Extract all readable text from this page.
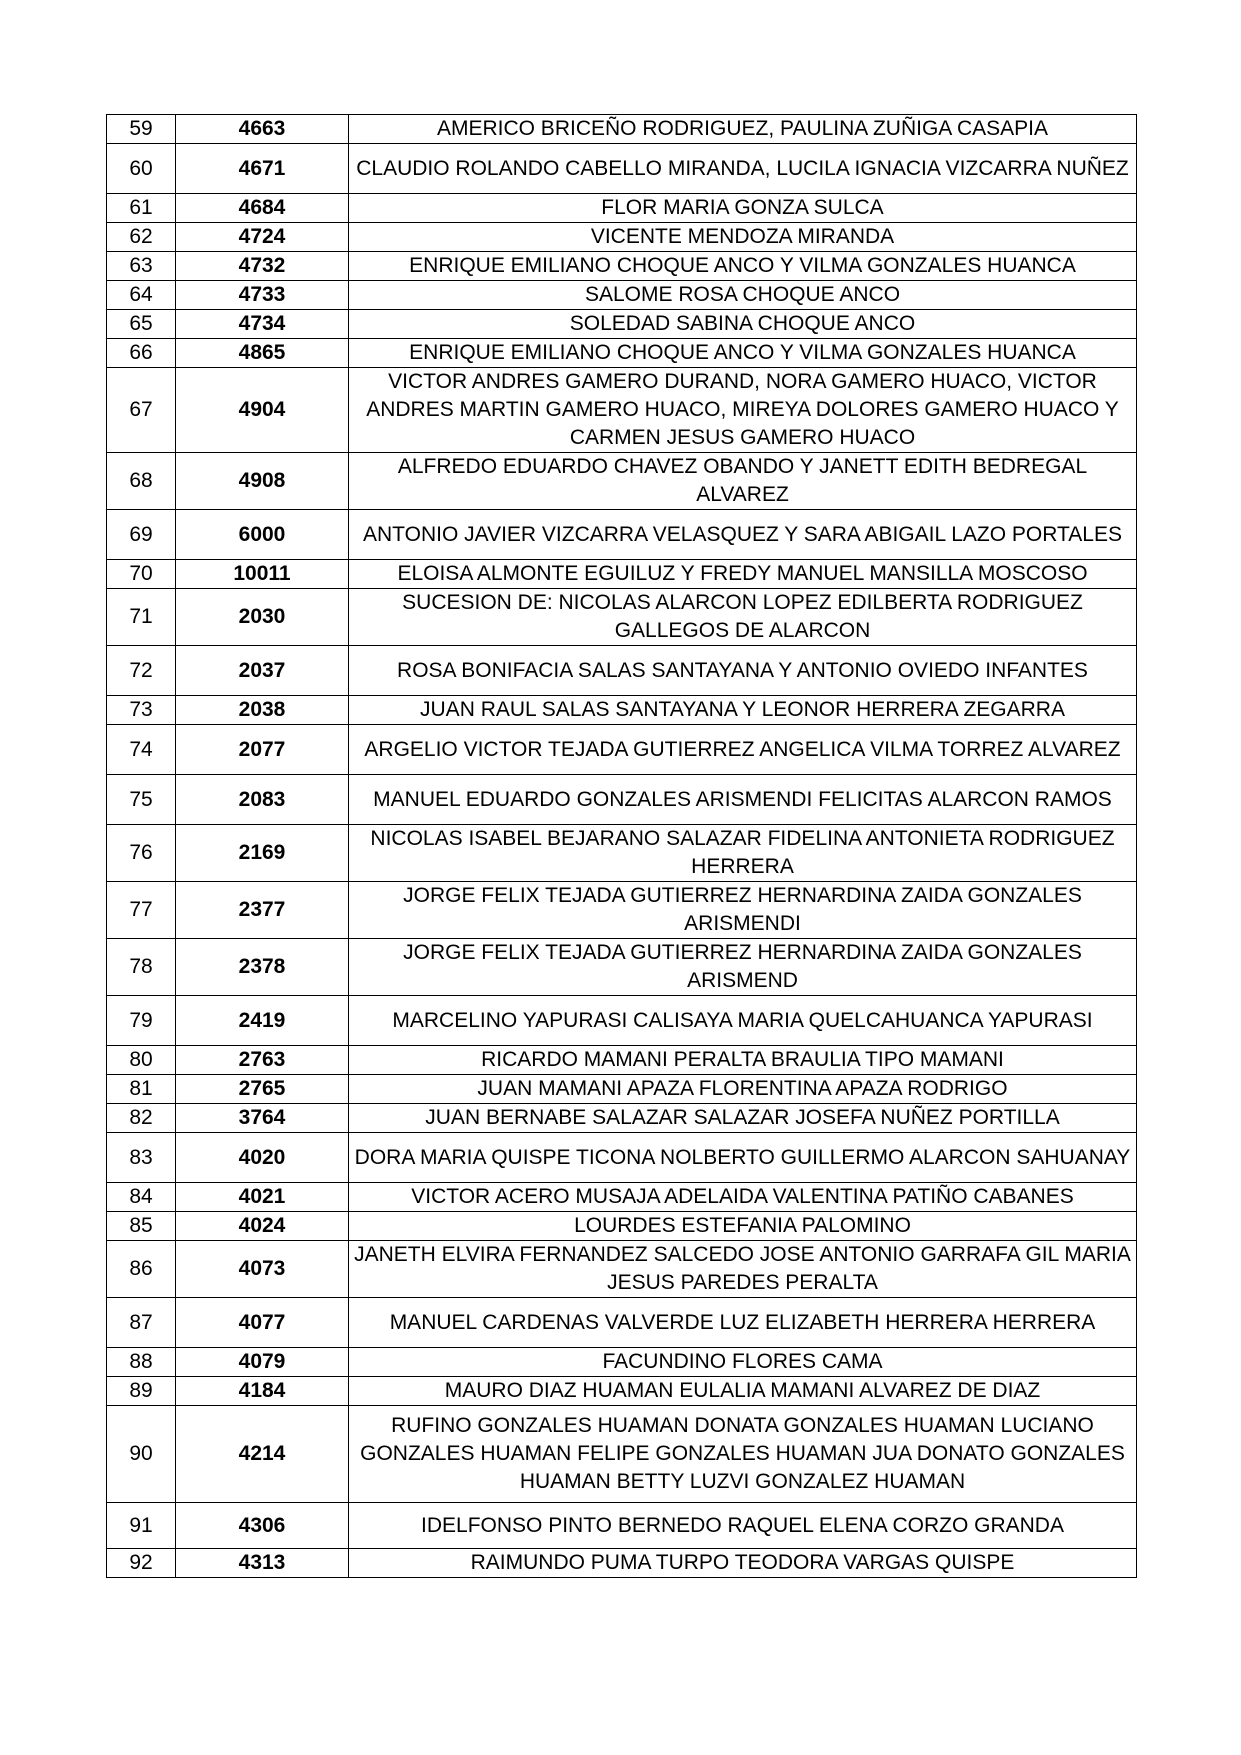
59	4663	AMERICO BRICEÑO RODRIGUEZ, PAULINA ZUÑIGA CASAPIA
60	4671	CLAUDIO ROLANDO CABELLO MIRANDA, LUCILA IGNACIA VIZCARRA NUÑEZ
61	4684	FLOR MARIA GONZA SULCA
62	4724	VICENTE MENDOZA MIRANDA
63	4732	ENRIQUE EMILIANO CHOQUE ANCO Y VILMA GONZALES HUANCA
64	4733	SALOME ROSA CHOQUE ANCO
65	4734	SOLEDAD SABINA CHOQUE ANCO
66	4865	ENRIQUE EMILIANO CHOQUE ANCO Y VILMA GONZALES HUANCA
67	4904	VICTOR ANDRES GAMERO DURAND, NORA GAMERO HUACO, VICTOR ANDRES MARTIN GAMERO HUACO, MIREYA DOLORES GAMERO HUACO Y CARMEN JESUS GAMERO HUACO
68	4908	ALFREDO EDUARDO CHAVEZ OBANDO Y JANETT EDITH BEDREGAL ALVAREZ
69	6000	ANTONIO JAVIER VIZCARRA VELASQUEZ Y SARA ABIGAIL LAZO PORTALES
70	10011	ELOISA ALMONTE EGUILUZ Y FREDY MANUEL MANSILLA MOSCOSO
71	2030	SUCESION DE: NICOLAS ALARCON LOPEZ EDILBERTA RODRIGUEZ GALLEGOS DE ALARCON
72	2037	ROSA BONIFACIA SALAS SANTAYANA Y ANTONIO OVIEDO INFANTES
73	2038	JUAN RAUL SALAS SANTAYANA Y LEONOR HERRERA ZEGARRA
74	2077	ARGELIO VICTOR TEJADA GUTIERREZ ANGELICA VILMA TORREZ ALVAREZ
75	2083	MANUEL EDUARDO GONZALES ARISMENDI FELICITAS ALARCON RAMOS
76	2169	NICOLAS ISABEL BEJARANO SALAZAR FIDELINA ANTONIETA RODRIGUEZ HERRERA
77	2377	JORGE FELIX TEJADA GUTIERREZ HERNARDINA ZAIDA GONZALES ARISMENDI
78	2378	JORGE FELIX TEJADA GUTIERREZ HERNARDINA ZAIDA GONZALES ARISMEND
79	2419	MARCELINO YAPURASI CALISAYA MARIA QUELCAHUANCA YAPURASI
80	2763	RICARDO MAMANI PERALTA BRAULIA TIPO MAMANI
81	2765	JUAN MAMANI APAZA FLORENTINA APAZA RODRIGO
82	3764	JUAN BERNABE SALAZAR SALAZAR JOSEFA NUÑEZ PORTILLA
83	4020	DORA MARIA QUISPE TICONA NOLBERTO GUILLERMO ALARCON SAHUANAY
84	4021	VICTOR ACERO MUSAJA ADELAIDA VALENTINA PATIÑO CABANES
85	4024	LOURDES ESTEFANIA PALOMINO
86	4073	JANETH ELVIRA FERNANDEZ SALCEDO JOSE ANTONIO GARRAFA GIL MARIA JESUS PAREDES PERALTA
87	4077	MANUEL CARDENAS VALVERDE LUZ ELIZABETH HERRERA HERRERA
88	4079	FACUNDINO FLORES CAMA
89	4184	MAURO DIAZ HUAMAN EULALIA MAMANI ALVAREZ DE DIAZ
90	4214	RUFINO GONZALES HUAMAN DONATA GONZALES HUAMAN LUCIANO GONZALES HUAMAN FELIPE GONZALES HUAMAN JUA DONATO GONZALES HUAMAN BETTY LUZVI GONZALEZ HUAMAN
91	4306	IDELFONSO PINTO BERNEDO RAQUEL ELENA CORZO GRANDA
92	4313	RAIMUNDO PUMA TURPO TEODORA VARGAS QUISPE
